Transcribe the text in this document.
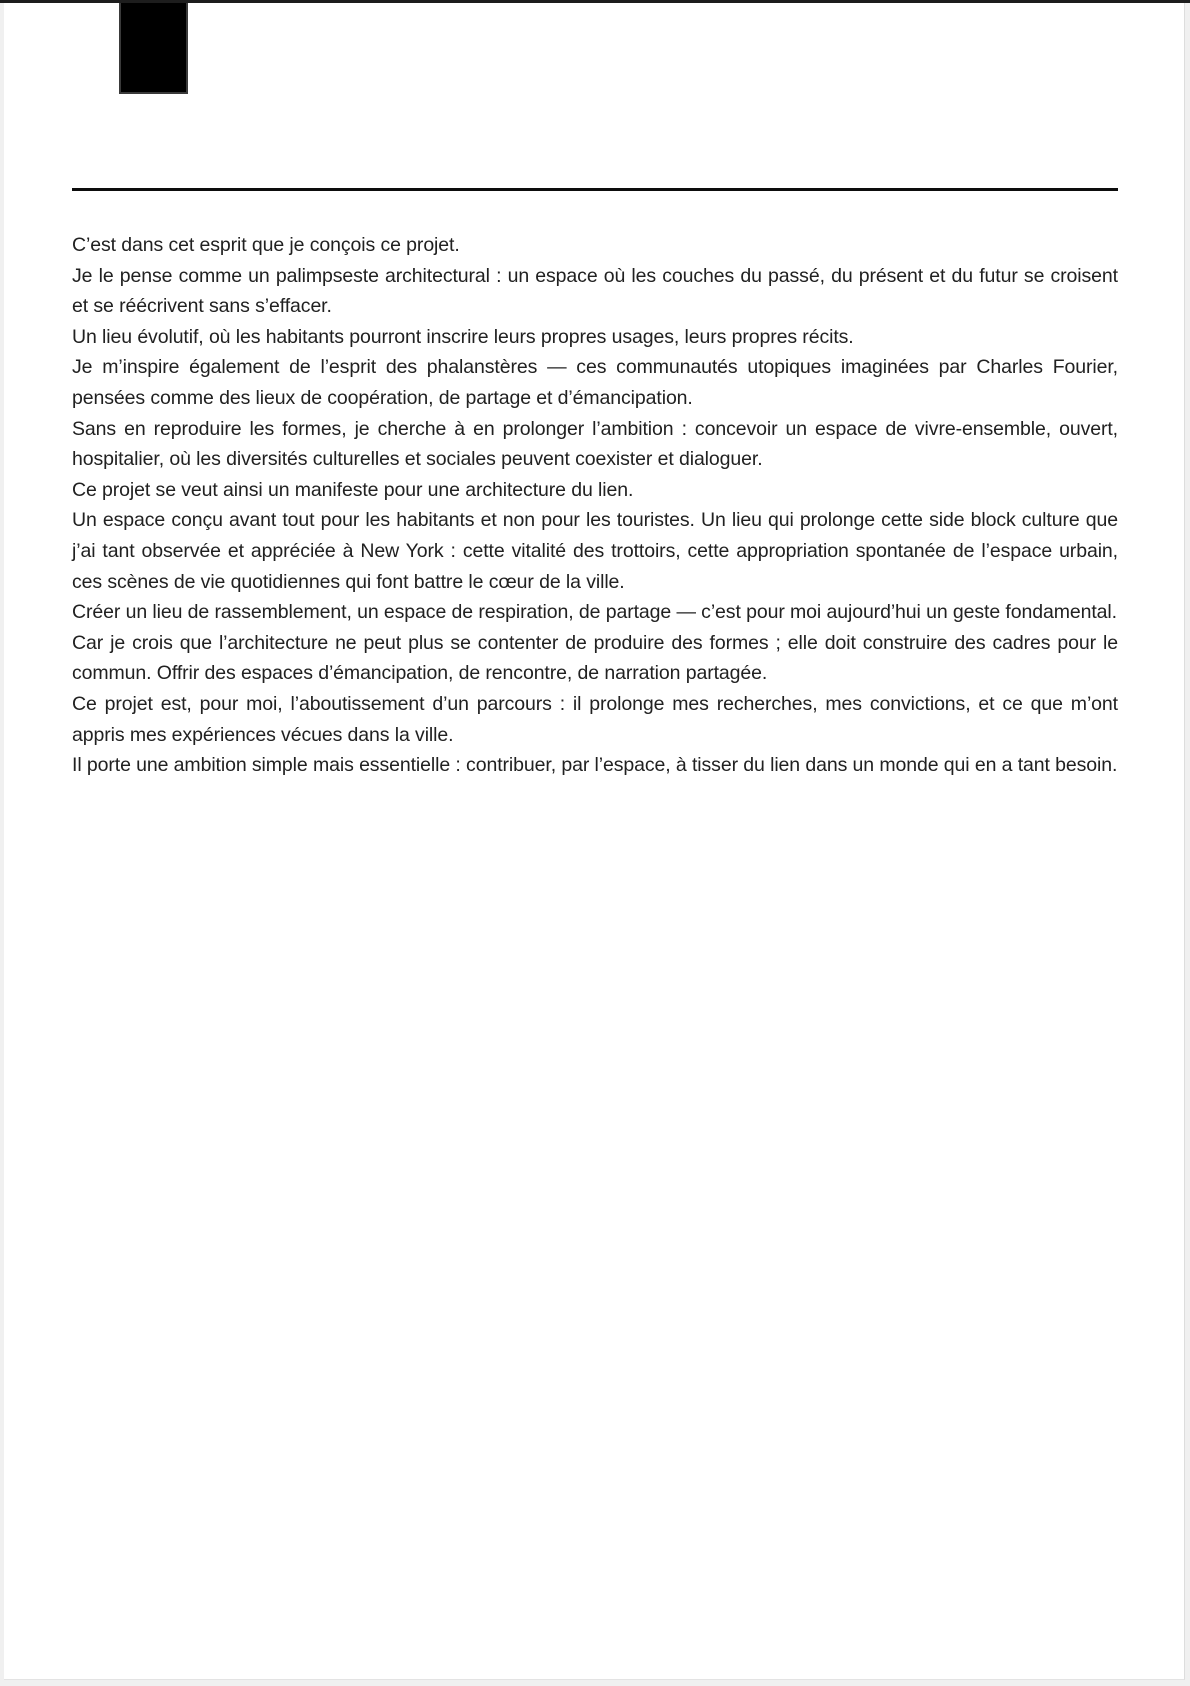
C’est dans cet esprit que je conçois ce projet.

Je le pense comme un palimpseste architectural : un espace où les couches du passé, du présent et du futur se croisent et se réécrivent sans s’effacer.

Un lieu évolutif, où les habitants pourront inscrire leurs propres usages, leurs propres récits.

Je m’inspire également de l’esprit des phalanstères — ces communautés utopiques imaginées par Charles Fourier, pensées comme des lieux de coopération, de partage et d’émancipation.

Sans en reproduire les formes, je cherche à en prolonger l’ambition : concevoir un espace de vivre-ensemble, ouvert, hospitalier, où les diversités culturelles et sociales peuvent coexister et dialoguer.

Ce projet se veut ainsi un manifeste pour une architecture du lien.

Un espace conçu avant tout pour les habitants et non pour les touristes. Un lieu qui prolonge cette side block culture que j’ai tant observée et appréciée à New York : cette vitalité des trottoirs, cette appropriation spontanée de l’espace urbain, ces scènes de vie quotidiennes qui font battre le cœur de la ville.

Créer un lieu de rassemblement, un espace de respiration, de partage — c’est pour moi aujourd’hui un geste fondamental.

Car je crois que l’architecture ne peut plus se contenter de produire des formes ; elle doit construire des cadres pour le commun. Offrir des espaces d’émancipation, de rencontre, de narration partagée.

Ce projet est, pour moi, l’aboutissement d’un parcours : il prolonge mes recherches, mes convictions, et ce que m’ont appris mes expériences vécues dans la ville.

Il porte une ambition simple mais essentielle : contribuer, par l’espace, à tisser du lien dans un monde qui en a tant besoin.
